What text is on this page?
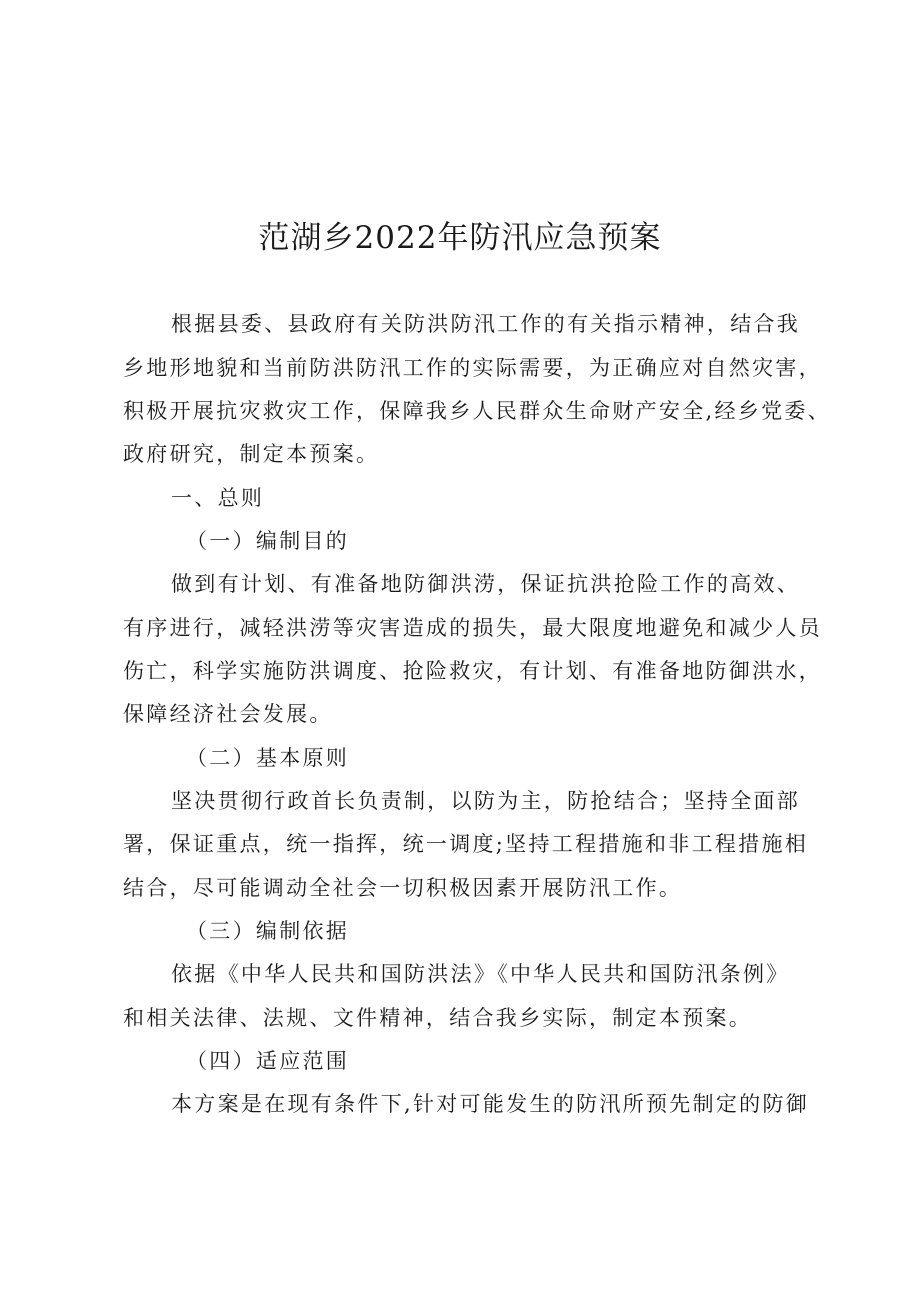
范湖乡2022年防汛应急预案
根据县委、县政府有关防洪防汛工作的有关指示精神，结合我
乡地形地貌和当前防洪防汛工作的实际需要，为正确应对自然灾害，
积极开展抗灾救灾工作，保障我乡人民群众生命财产安全,经乡党委、
政府研究，制定本预案。
一、总则
（一）编制目的
做到有计划、有准备地防御洪涝，保证抗洪抢险工作的高效、
有序进行，减轻洪涝等灾害造成的损失，最大限度地避免和减少人员
伤亡，科学实施防洪调度、抢险救灾，有计划、有准备地防御洪水，
保障经济社会发展。
（二）基本原则
坚决贯彻行政首长负责制，以防为主，防抢结合；坚持全面部
署，保证重点，统一指挥，统一调度;坚持工程措施和非工程措施相
结合，尽可能调动全社会一切积极因素开展防汛工作。
（三）编制依据
依据《中华人民共和国防洪法》《中华人民共和国防汛条例》
和相关法律、法规、文件精神，结合我乡实际，制定本预案。
（四）适应范围
本方案是在现有条件下,针对可能发生的防汛所预先制定的防御
